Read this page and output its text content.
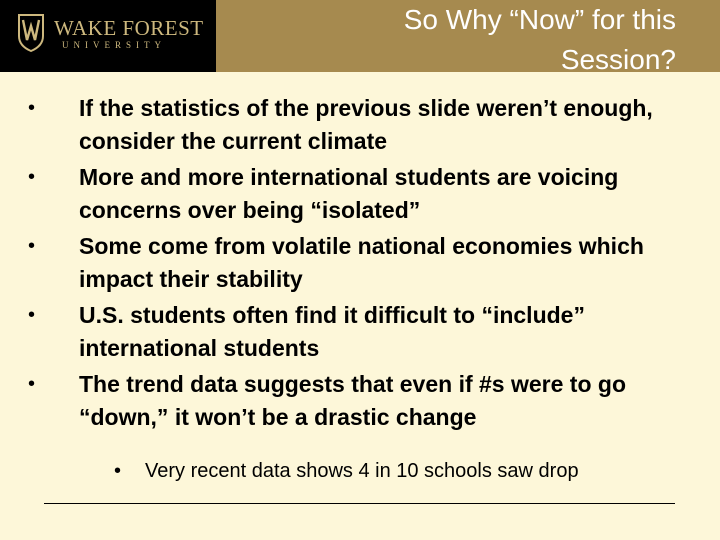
WAKE FOREST
UNIVERSITY
So Why “Now” for this
Session?
•	If the statistics of the previous slide weren’t enough, consider the current climate
•	More and more international students are voicing concerns over being “isolated”
•	Some come from volatile national economies which impact their stability
•	U.S. students often find it difficult to “include” international students
•	The trend data suggests that even if #s were to go “down,” it won’t be a drastic change
• Very recent data shows 4 in 10 schools saw drop
